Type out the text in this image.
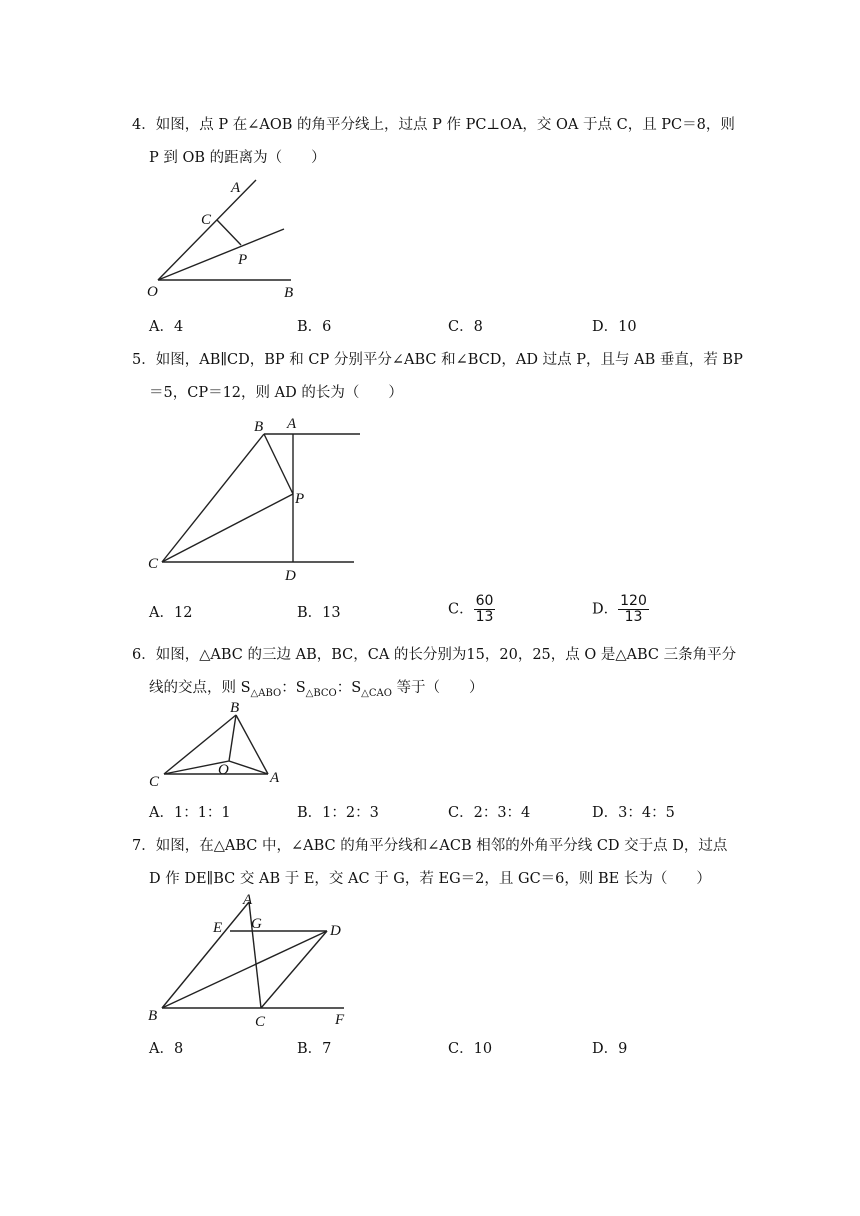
4．如图，点 P 在∠AOB 的角平分线上，过点 P 作 PC⊥OA，交 OA 于点 C，且 PC＝8，则
P 到 OB 的距离为（　　）
A
C
P
O	B
A．4	B．6	C．8	D．10
5．如图，AB∥CD，BP 和 CP 分别平分∠ABC 和∠BCD，AD 过点 P，且与 AB 垂直，若 BP
＝5，CP＝12，则 AD 的长为（　　）
B A
P
C
D
A．12	B．13	C． $\frac{60}{13}$	D． $\frac{120}{13}$
6．如图，△ABC 的三边 AB，BC，CA 的长分别为15，20，25，点 O 是△ABC 三条角平分
线的交点，则 $S_{\triangle ABO}$：$S_{\triangle BCO}$：$S_{\triangle CAO}$ 等于（　　）
B
O
C	A
A．1：1：1	B．1：2：3	C．2：3：4	D．3：4：5
7．如图，在△ABC 中，∠ABC 的角平分线和∠ACB 相邻的外角平分线 CD 交于点 D，过点
D 作 DE∥BC 交 AB 于 E，交 AC 于 G，若 EG＝2，且 GC＝6，则 BE 长为（　　）
A
E G	D
B	C	F
A．8	B．7	C．10	D．9
